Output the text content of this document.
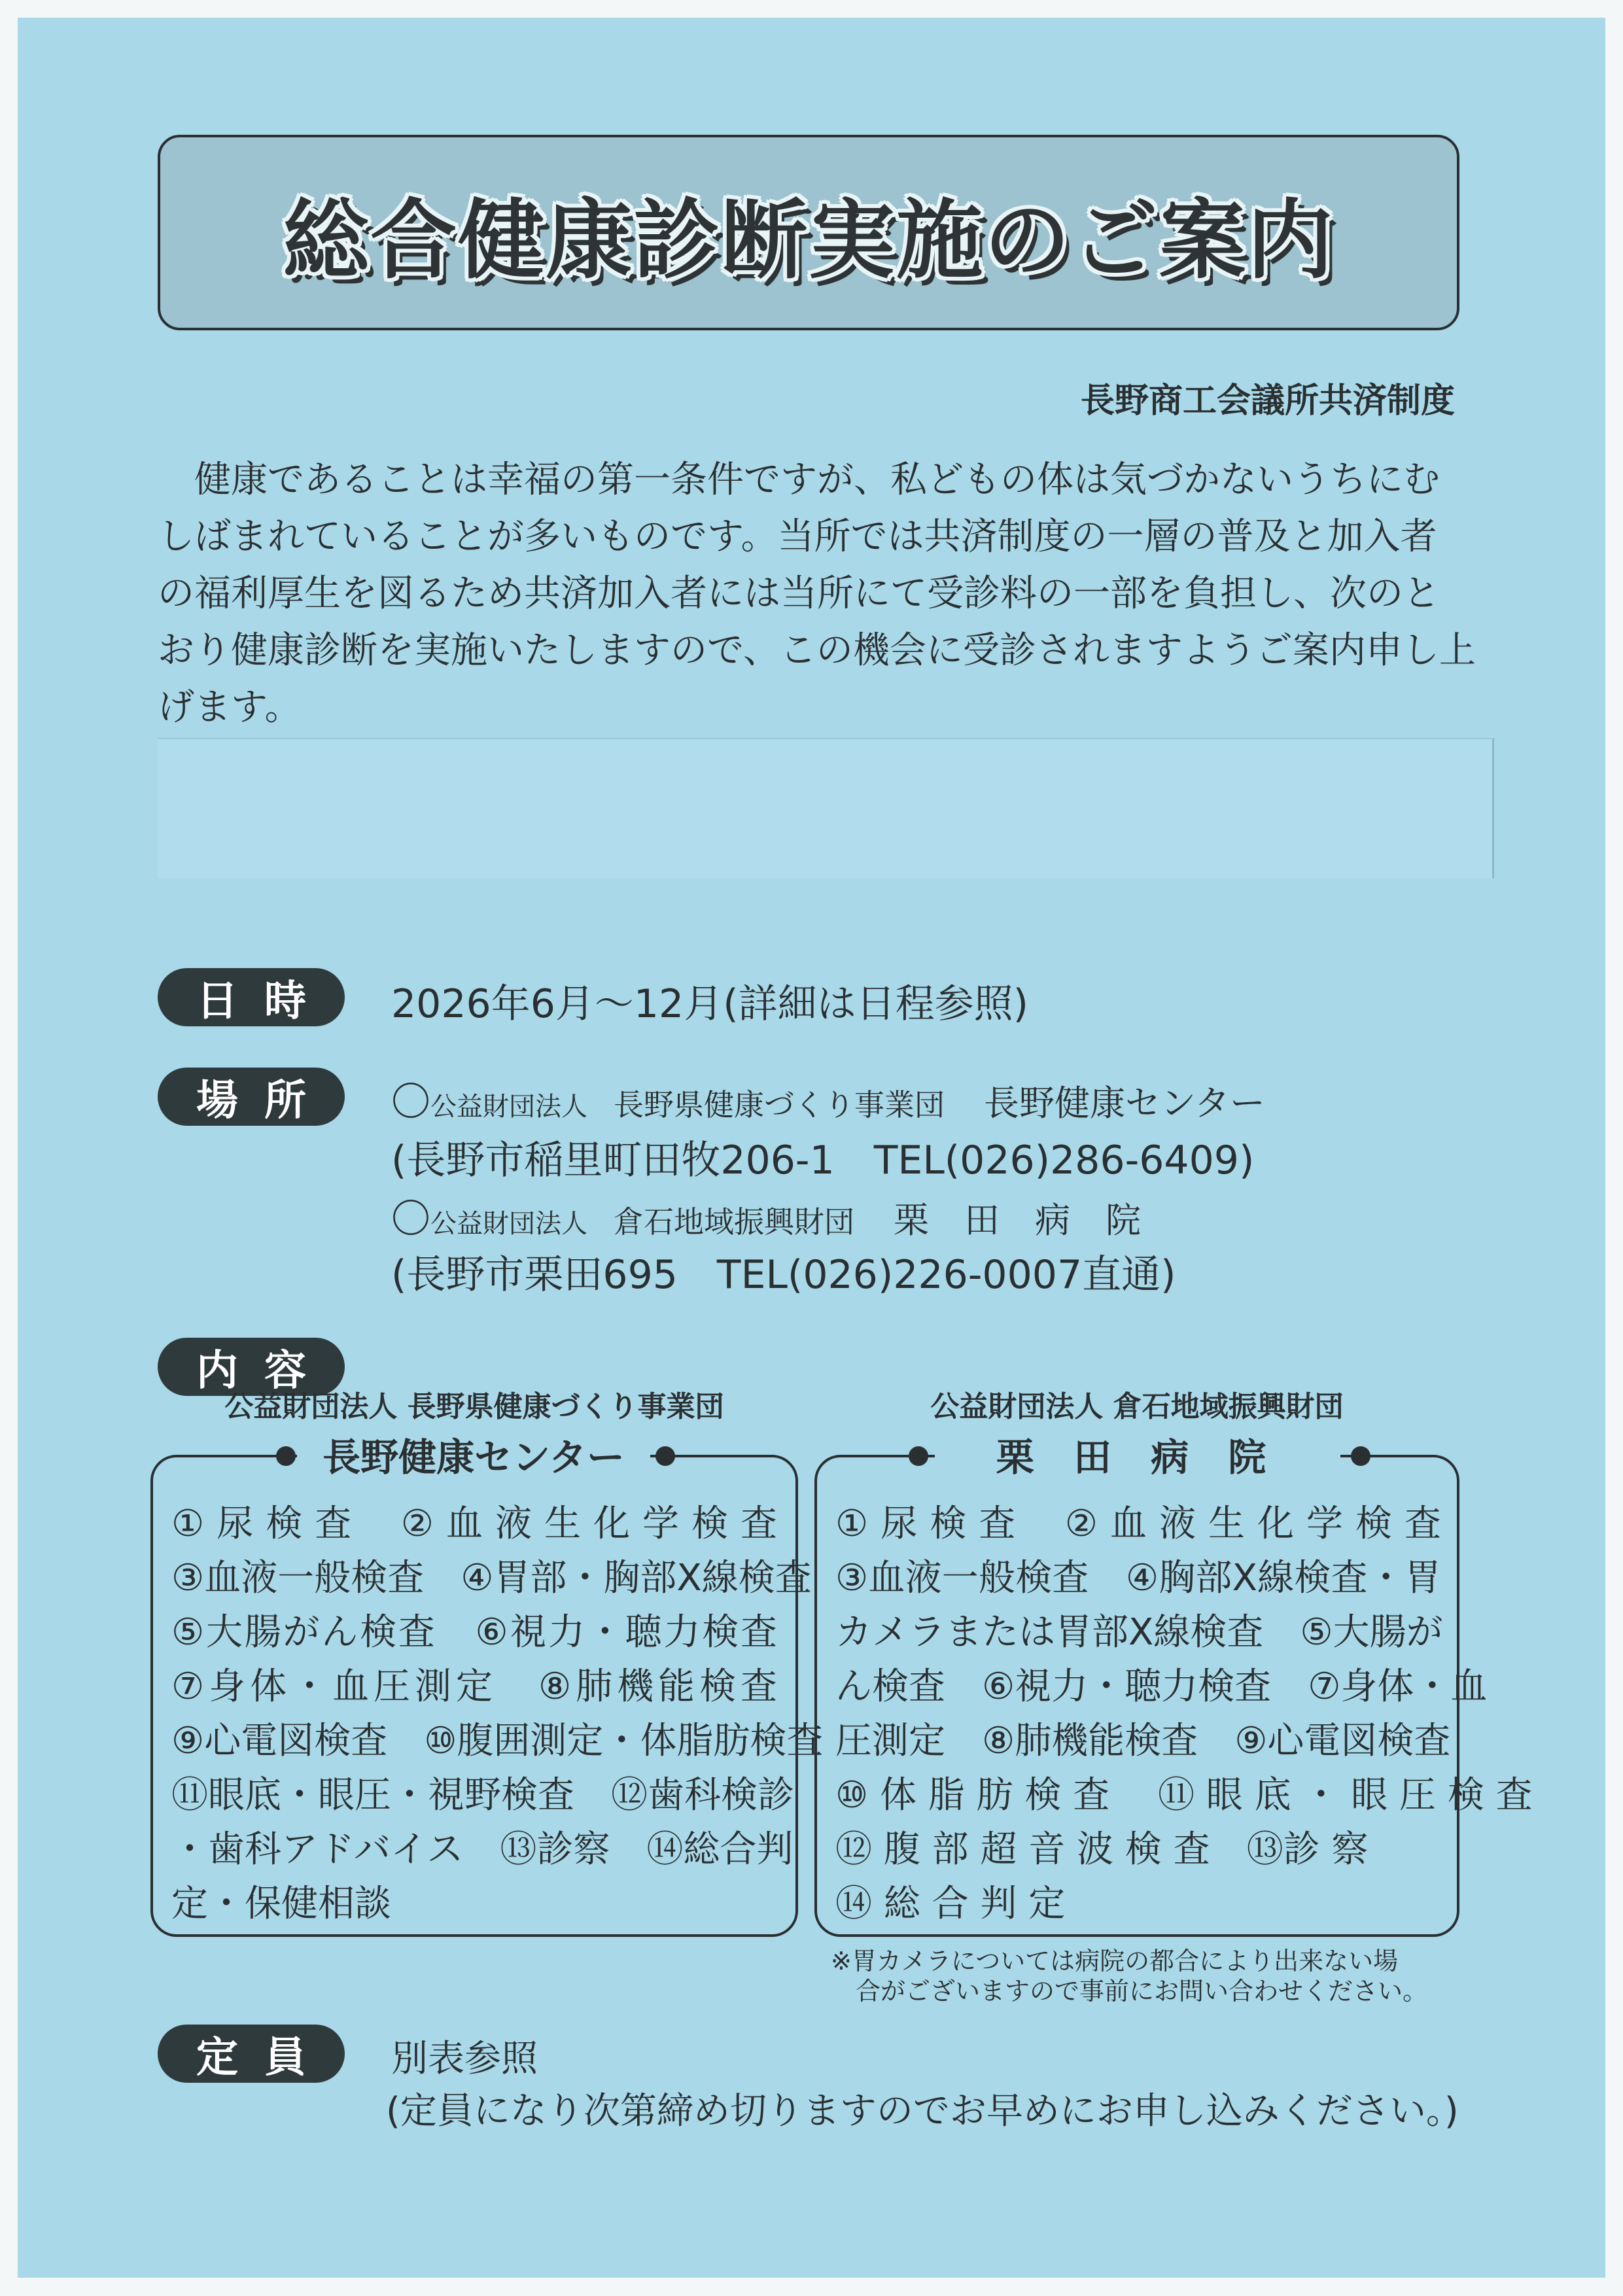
総合健康診断実施のご案内
長野商工会議所共済制度
　健康であることは幸福の第一条件ですが、私どもの体は気づかないうちにむ
しばまれていることが多いものです。当所では共済制度の一層の普及と加入者
の福利厚生を図るため共済加入者には当所にて受診料の一部を負担し、次のと
おり健康診断を実施いたしますので、この機会に受診されますようご案内申し上
げます。
日時	2026年6月～12月(詳細は日程参照)
場所	〇公益財団法人　 長野県健康づくり事業団　 長野健康センター
(長野市稲里町田牧206-1　TEL(026)286-6409)
〇公益財団法人　 倉石地域振興財団　 栗　田　病　院
(長野市栗田695　TEL(026)226-0007直通)
内容
公益財団法人 長野県健康づくり事業団
長野健康センター
① 尿 検 査　 ② 血 液 生 化 学 検 査
③血液一般検査　④胃部・胸部X線検査
⑤大腸がん検査　⑥視力・聴力検査
⑦身体・血圧測定　⑧肺機能検査
⑨心電図検査　⑩腹囲測定・体脂肪検査
⑪眼底・眼圧・視野検査　⑫歯科検診
・歯科アドバイス　⑬診察　⑭総合判
定・保健相談
公益財団法人 倉石地域振興財団
栗 田 病 院
① 尿 検 査　 ② 血 液 生 化 学 検 査
③血液一般検査　④胸部X線検査・胃
カメラまたは胃部X線検査　⑤大腸が
ん検査　⑥視力・聴力検査　⑦身体・血
圧測定　⑧肺機能検査　⑨心電図検査
⑩ 体 脂 肪 検 査　 ⑪ 眼 底 ・ 眼 圧 検 査
⑫ 腹 部 超 音 波 検 査　⑬診 察
⑭ 総 合 判 定
※胃カメラについては病院の都合により出来ない場
　合がございますので事前にお問い合わせください。
定員	別表参照
(定員になり次第締め切りますのでお早めにお申し込みください。)
